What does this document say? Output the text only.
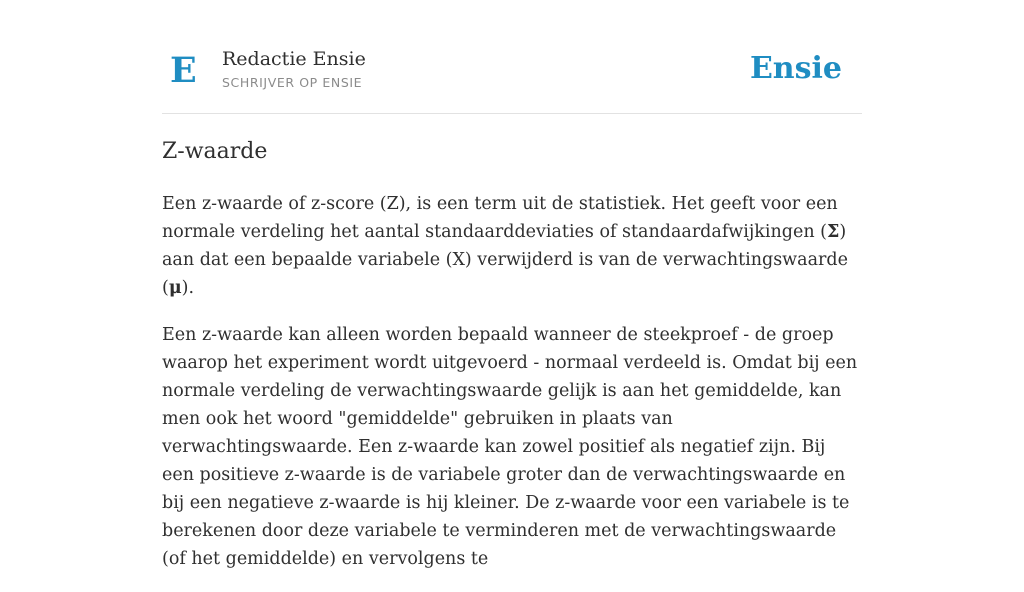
E Redactie Ensie
SCHRIJVER OP ENSIE	Ensie
Z-waarde

Een z-waarde of z-score (Z), is een term uit de statistiek. Het geeft voor een normale verdeling het aantal standaarddeviaties of standaardafwijkingen (Σ) aan dat een bepaalde variabele (X) verwijderd is van de verwachtingswaarde (μ).

Een z-waarde kan alleen worden bepaald wanneer de steekproef - de groep waarop het experiment wordt uitgevoerd - normaal verdeeld is. Omdat bij een normale verdeling de verwachtingswaarde gelijk is aan het gemiddelde, kan men ook het woord "gemiddelde" gebruiken in plaats van verwachtingswaarde. Een z-waarde kan zowel positief als negatief zijn. Bij een positieve z-waarde is de variabele groter dan de verwachtingswaarde en bij een negatieve z-waarde is hij kleiner. De z-waarde voor een variabele is te berekenen door deze variabele te verminderen met de verwachtingswaarde (of het gemiddelde) en vervolgens te
